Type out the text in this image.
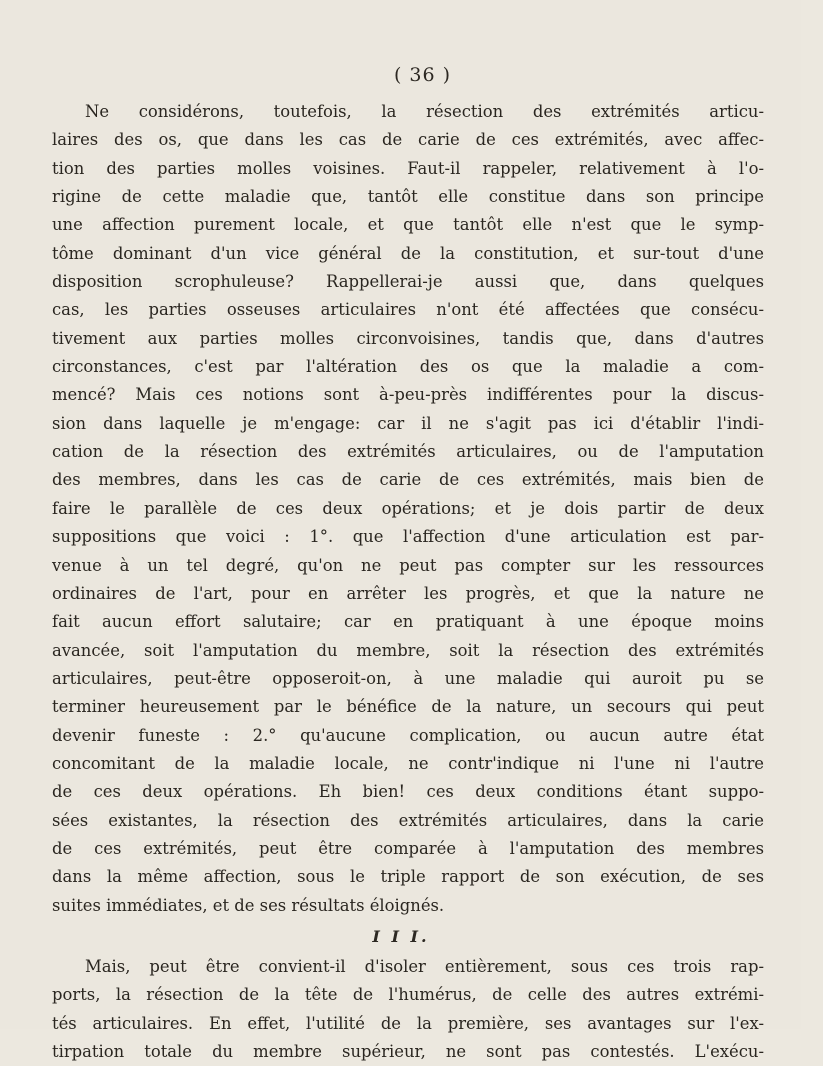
( 36 )
Ne considérons, toutefois, la résection des extrémités articu-
laires des os, que dans les cas de carie de ces extrémités, avec affec-
tion des parties molles voisines. Faut-il rappeler, relativement à l'o-
rigine de cette maladie que, tantôt elle constitue dans son principe
une affection purement locale, et que tantôt elle n'est que le symp-
tôme dominant d'un vice général de la constitution, et sur-tout d'une
disposition scrophuleuse? Rappellerai-je aussi que, dans quelques
cas, les parties osseuses articulaires n'ont été affectées que consécu-
tivement aux parties molles circonvoisines, tandis que, dans d'autres
circonstances, c'est par l'altération des os que la maladie a com-
mencé? Mais ces notions sont à-peu-près indifférentes pour la discus-
sion dans laquelle je m'engage: car il ne s'agit pas ici d'établir l'indi-
cation de la résection des extrémités articulaires, ou de l'amputation
des membres, dans les cas de carie de ces extrémités, mais bien de
faire le parallèle de ces deux opérations; et je dois partir de deux
suppositions que voici : 1°. que l'affection d'une articulation est par-
venue à un tel degré, qu'on ne peut pas compter sur les ressources
ordinaires de l'art, pour en arrêter les progrès, et que la nature ne
fait aucun effort salutaire; car en pratiquant à une époque moins
avancée, soit l'amputation du membre, soit la résection des extrémités
articulaires, peut-être opposeroit-on, à une maladie qui auroit pu se
terminer heureusement par le bénéfice de la nature, un secours qui peut
devenir funeste : 2.° qu'aucune complication, ou aucun autre état
concomitant de la maladie locale, ne contr'indique ni l'une ni l'autre
de ces deux opérations. Eh bien! ces deux conditions étant suppo-
sées existantes, la résection des extrémités articulaires, dans la carie
de ces extrémités, peut être comparée à l'amputation des membres
dans la même affection, sous le triple rapport de son exécution, de ses
suites immédiates, et de ses résultats éloignés.
I I I.
Mais, peut être convient-il d'isoler entièrement, sous ces trois rap-
ports, la résection de la tête de l'humérus, de celle des autres extrémi-
tés articulaires. En effet, l'utilité de la première, ses avantages sur l'ex-
tirpation totale du membre supérieur, ne sont pas contestés. L'exécu-
